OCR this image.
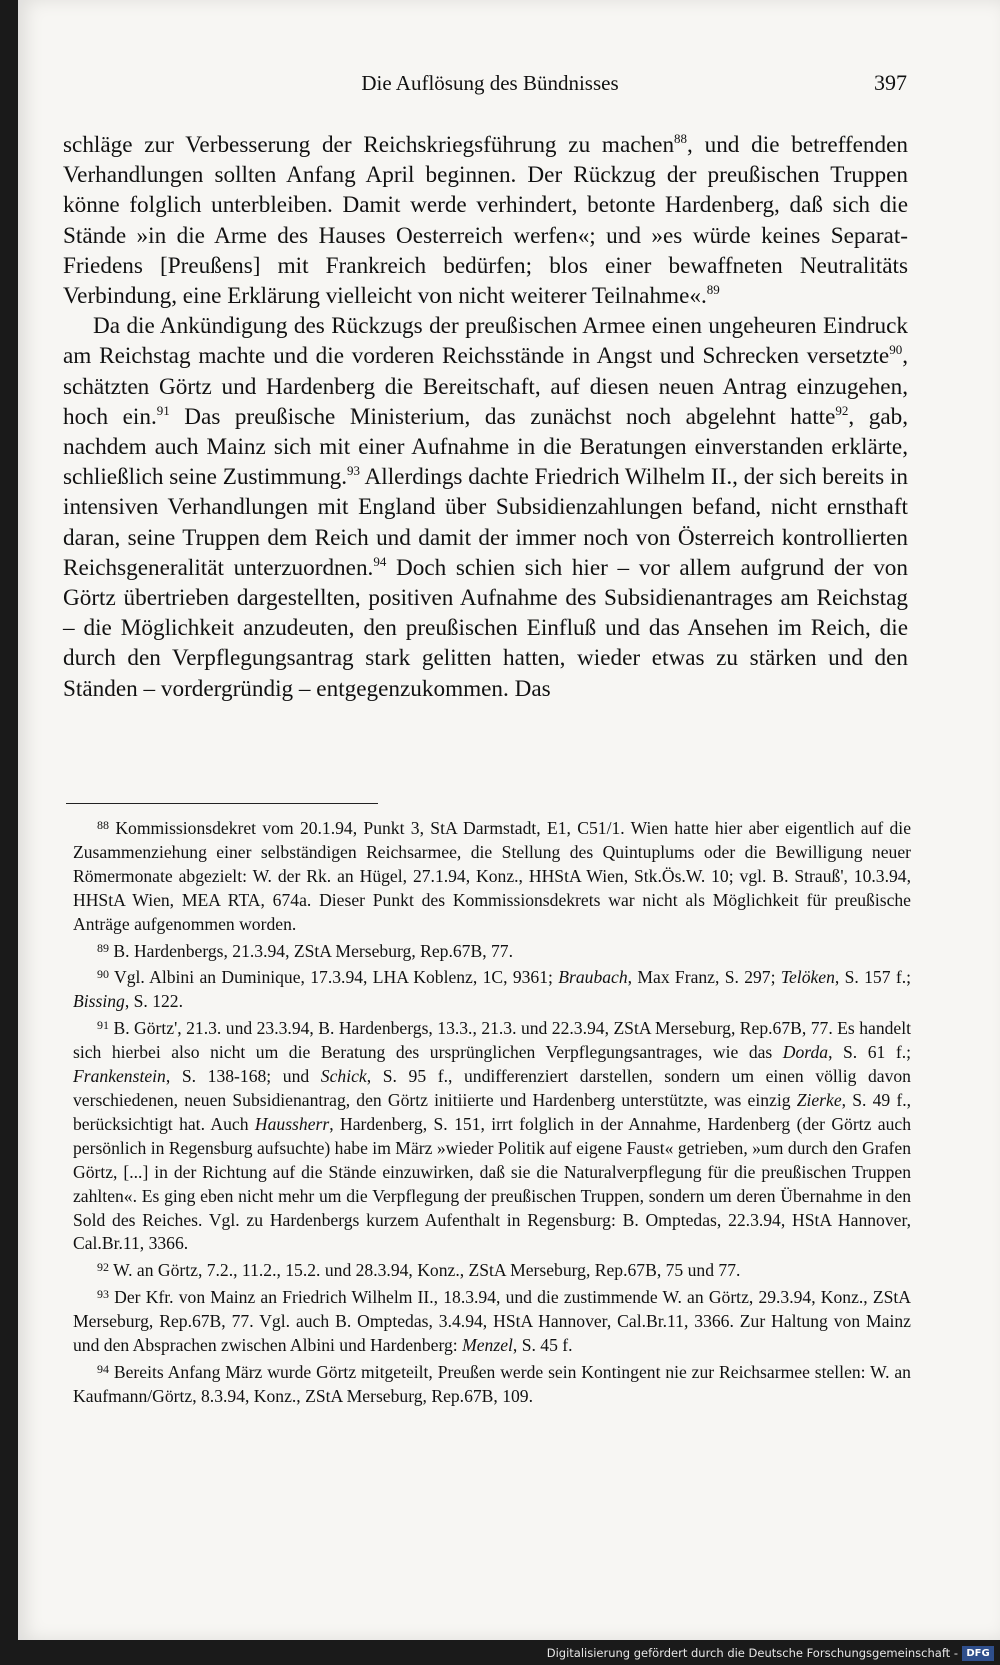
Die Auflösung des Bündnisses	397

schläge zur Verbesserung der Reichskriegsführung zu machen$^{88}$, und die betreffenden Verhandlungen sollten Anfang April beginnen. Der Rückzug der preußischen Truppen könne folglich unterbleiben. Damit werde verhindert, betonte Hardenberg, daß sich die Stände »in die Arme des Hauses Oesterreich werfen«; und »es würde keines Separat-Friedens [Preußens] mit Frankreich bedürfen; blos einer bewaffneten Neutralitäts Verbindung, eine Erklärung vielleicht von nicht weiterer Teilnahme«.$^{89}$

Da die Ankündigung des Rückzugs der preußischen Armee einen ungeheuren Eindruck am Reichstag machte und die vorderen Reichsstände in Angst und Schrecken versetzte$^{90}$, schätzten Görtz und Hardenberg die Bereitschaft, auf diesen neuen Antrag einzugehen, hoch ein.$^{91}$ Das preußische Ministerium, das zunächst noch abgelehnt hatte$^{92}$, gab, nachdem auch Mainz sich mit einer Aufnahme in die Beratungen einverstanden erklärte, schließlich seine Zustimmung.$^{93}$ Allerdings dachte Friedrich Wilhelm II., der sich bereits in intensiven Verhandlungen mit England über Subsidienzahlungen befand, nicht ernsthaft daran, seine Truppen dem Reich und damit der immer noch von Österreich kontrollierten Reichsgeneralität unterzuordnen.$^{94}$ Doch schien sich hier – vor allem aufgrund der von Görtz übertrieben dargestellten, positiven Aufnahme des Subsidienantrages am Reichstag – die Möglichkeit anzudeuten, den preußischen Einfluß und das Ansehen im Reich, die durch den Verpflegungsantrag stark gelitten hatten, wieder etwas zu stärken und den Ständen – vordergründig – entgegenzukommen. Das

$^{88}$ Kommissionsdekret vom 20.1.94, Punkt 3, StA Darmstadt, E1, C51/1. Wien hatte hier aber eigentlich auf die Zusammenziehung einer selbständigen Reichsarmee, die Stellung des Quintuplums oder die Bewilligung neuer Römermonate abgezielt: W. der Rk. an Hügel, 27.1.94, Konz., HHStA Wien, Stk.Ös.W. 10; vgl. B. Strauß', 10.3.94, HHStA Wien, MEA RTA, 674a. Dieser Punkt des Kommissionsdekrets war nicht als Möglichkeit für preußische Anträge aufgenommen worden.

$^{89}$ B. Hardenbergs, 21.3.94, ZStA Merseburg, Rep.67B, 77.

$^{90}$ Vgl. Albini an Duminique, 17.3.94, LHA Koblenz, 1C, 9361; Braubach, Max Franz, S. 297; Telöken, S. 157 f.; Bissing, S. 122.

$^{91}$ B. Görtz', 21.3. und 23.3.94, B. Hardenbergs, 13.3., 21.3. und 22.3.94, ZStA Merseburg, Rep.67B, 77. Es handelt sich hierbei also nicht um die Beratung des ursprünglichen Verpflegungsantrages, wie das Dorda, S. 61 f.; Frankenstein, S. 138-168; und Schick, S. 95 f., undifferenziert darstellen, sondern um einen völlig davon verschiedenen, neuen Subsidienantrag, den Görtz initiierte und Hardenberg unterstützte, was einzig Zierke, S. 49 f., berücksichtigt hat. Auch Haussherr, Hardenberg, S. 151, irrt folglich in der Annahme, Hardenberg (der Görtz auch persönlich in Regensburg aufsuchte) habe im März »wieder Politik auf eigene Faust« getrieben, »um durch den Grafen Görtz, [...] in der Richtung auf die Stände einzuwirken, daß sie die Naturalverpflegung für die preußischen Truppen zahlten«. Es ging eben nicht mehr um die Verpflegung der preußischen Truppen, sondern um deren Übernahme in den Sold des Reiches. Vgl. zu Hardenbergs kurzem Aufenthalt in Regensburg: B. Omptedas, 22.3.94, HStA Hannover, Cal.Br.11, 3366.

$^{92}$ W. an Görtz, 7.2., 11.2., 15.2. und 28.3.94, Konz., ZStA Merseburg, Rep.67B, 75 und 77.

$^{93}$ Der Kfr. von Mainz an Friedrich Wilhelm II., 18.3.94, und die zustimmende W. an Görtz, 29.3.94, Konz., ZStA Merseburg, Rep.67B, 77. Vgl. auch B. Omptedas, 3.4.94, HStA Hannover, Cal.Br.11, 3366. Zur Haltung von Mainz und den Absprachen zwischen Albini und Hardenberg: Menzel, S. 45 f.

$^{94}$ Bereits Anfang März wurde Görtz mitgeteilt, Preußen werde sein Kontingent nie zur Reichsarmee stellen: W. an Kaufmann/Görtz, 8.3.94, Konz., ZStA Merseburg, Rep.67B, 109.

Digitalisierung gefördert durch die Deutsche Forschungsgemeinschaft - DFG
